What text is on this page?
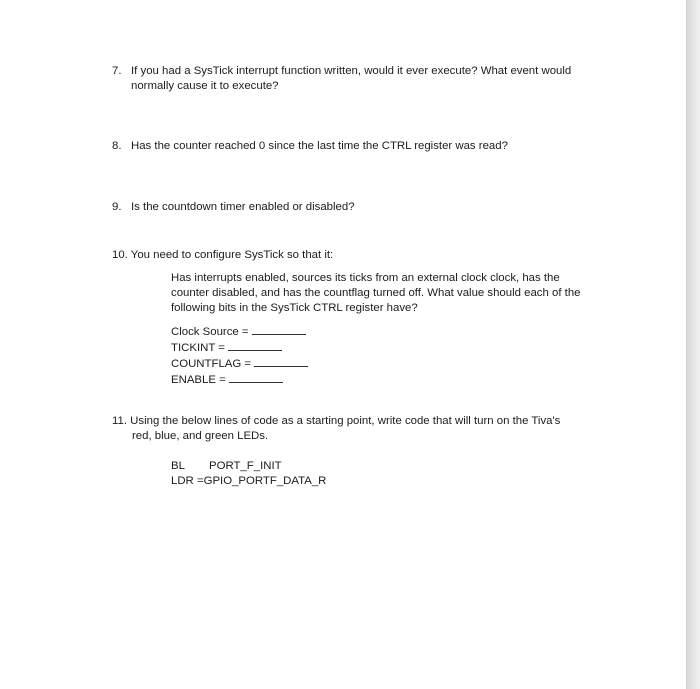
7. If you had a SysTick interrupt function written, would it ever execute? What event would
normally cause it to execute?
8. Has the counter reached 0 since the last time the CTRL register was read?
9. Is the countdown timer enabled or disabled?
10. You need to configure SysTick so that it:
Has interrupts enabled, sources its ticks from an external clock clock, has the
counter disabled, and has the countflag turned off. What value should each of the
following bits in the SysTick CTRL register have?
Clock Source =
TICKINT =
COUNTFLAG =
ENABLE =
11. Using the below lines of code as a starting point, write code that will turn on the Tiva's
red, blue, and green LEDs.
BL PORT_F_INIT
LDR =GPIO_PORTF_DATA_R
